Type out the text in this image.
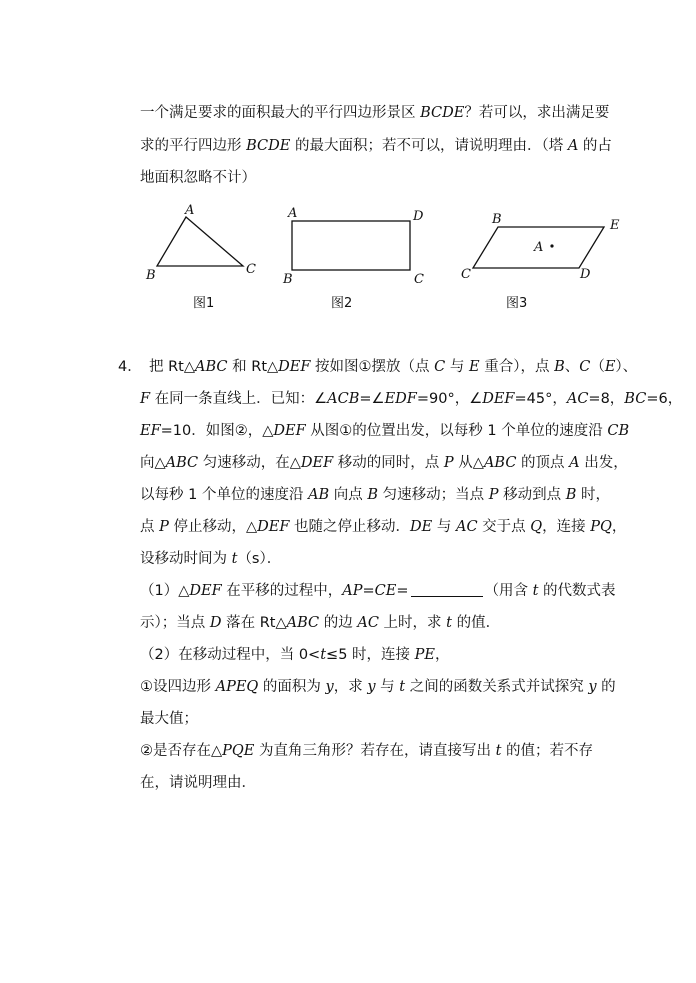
一个满足要求的面积最大的平行四边形景区 BCDE？若可以，求出满足要
求的平行四边形 BCDE 的最大面积；若不可以，请说明理由．（塔 A 的占
地面积忽略不计）
A
B	C
图1
A	D
B	C
图2
B	E
A
C	D
图3
4． 把 Rt△ABC 和 Rt△DEF 按如图①摆放（点 C 与 E 重合），点 B、C（E）、
F 在同一条直线上．已知：∠ACB=∠EDF=90°，∠DEF=45°，AC=8，BC=6，
EF=10．如图②，△DEF 从图①的位置出发，以每秒 1 个单位的速度沿 CB
向△ABC 匀速移动，在△DEF 移动的同时，点 P 从△ABC 的顶点 A 出发，
以每秒 1 个单位的速度沿 AB 向点 B 匀速移动；当点 P 移动到点 B 时，
点 P 停止移动，△DEF 也随之停止移动．DE 与 AC 交于点 Q，连接 PQ，
设移动时间为 t（s）．
（1）△DEF 在平移的过程中，AP=CE=	（用含 t 的代数式表
示）；当点 D 落在 Rt△ABC 的边 AC 上时，求 t 的值．
（2）在移动过程中，当 0<t≤5 时，连接 PE，
①设四边形 APEQ 的面积为 y，求 y 与 t 之间的函数关系式并试探究 y 的
最大值；
②是否存在△PQE 为直角三角形？若存在，请直接写出 t 的值；若不存
在，请说明理由．
